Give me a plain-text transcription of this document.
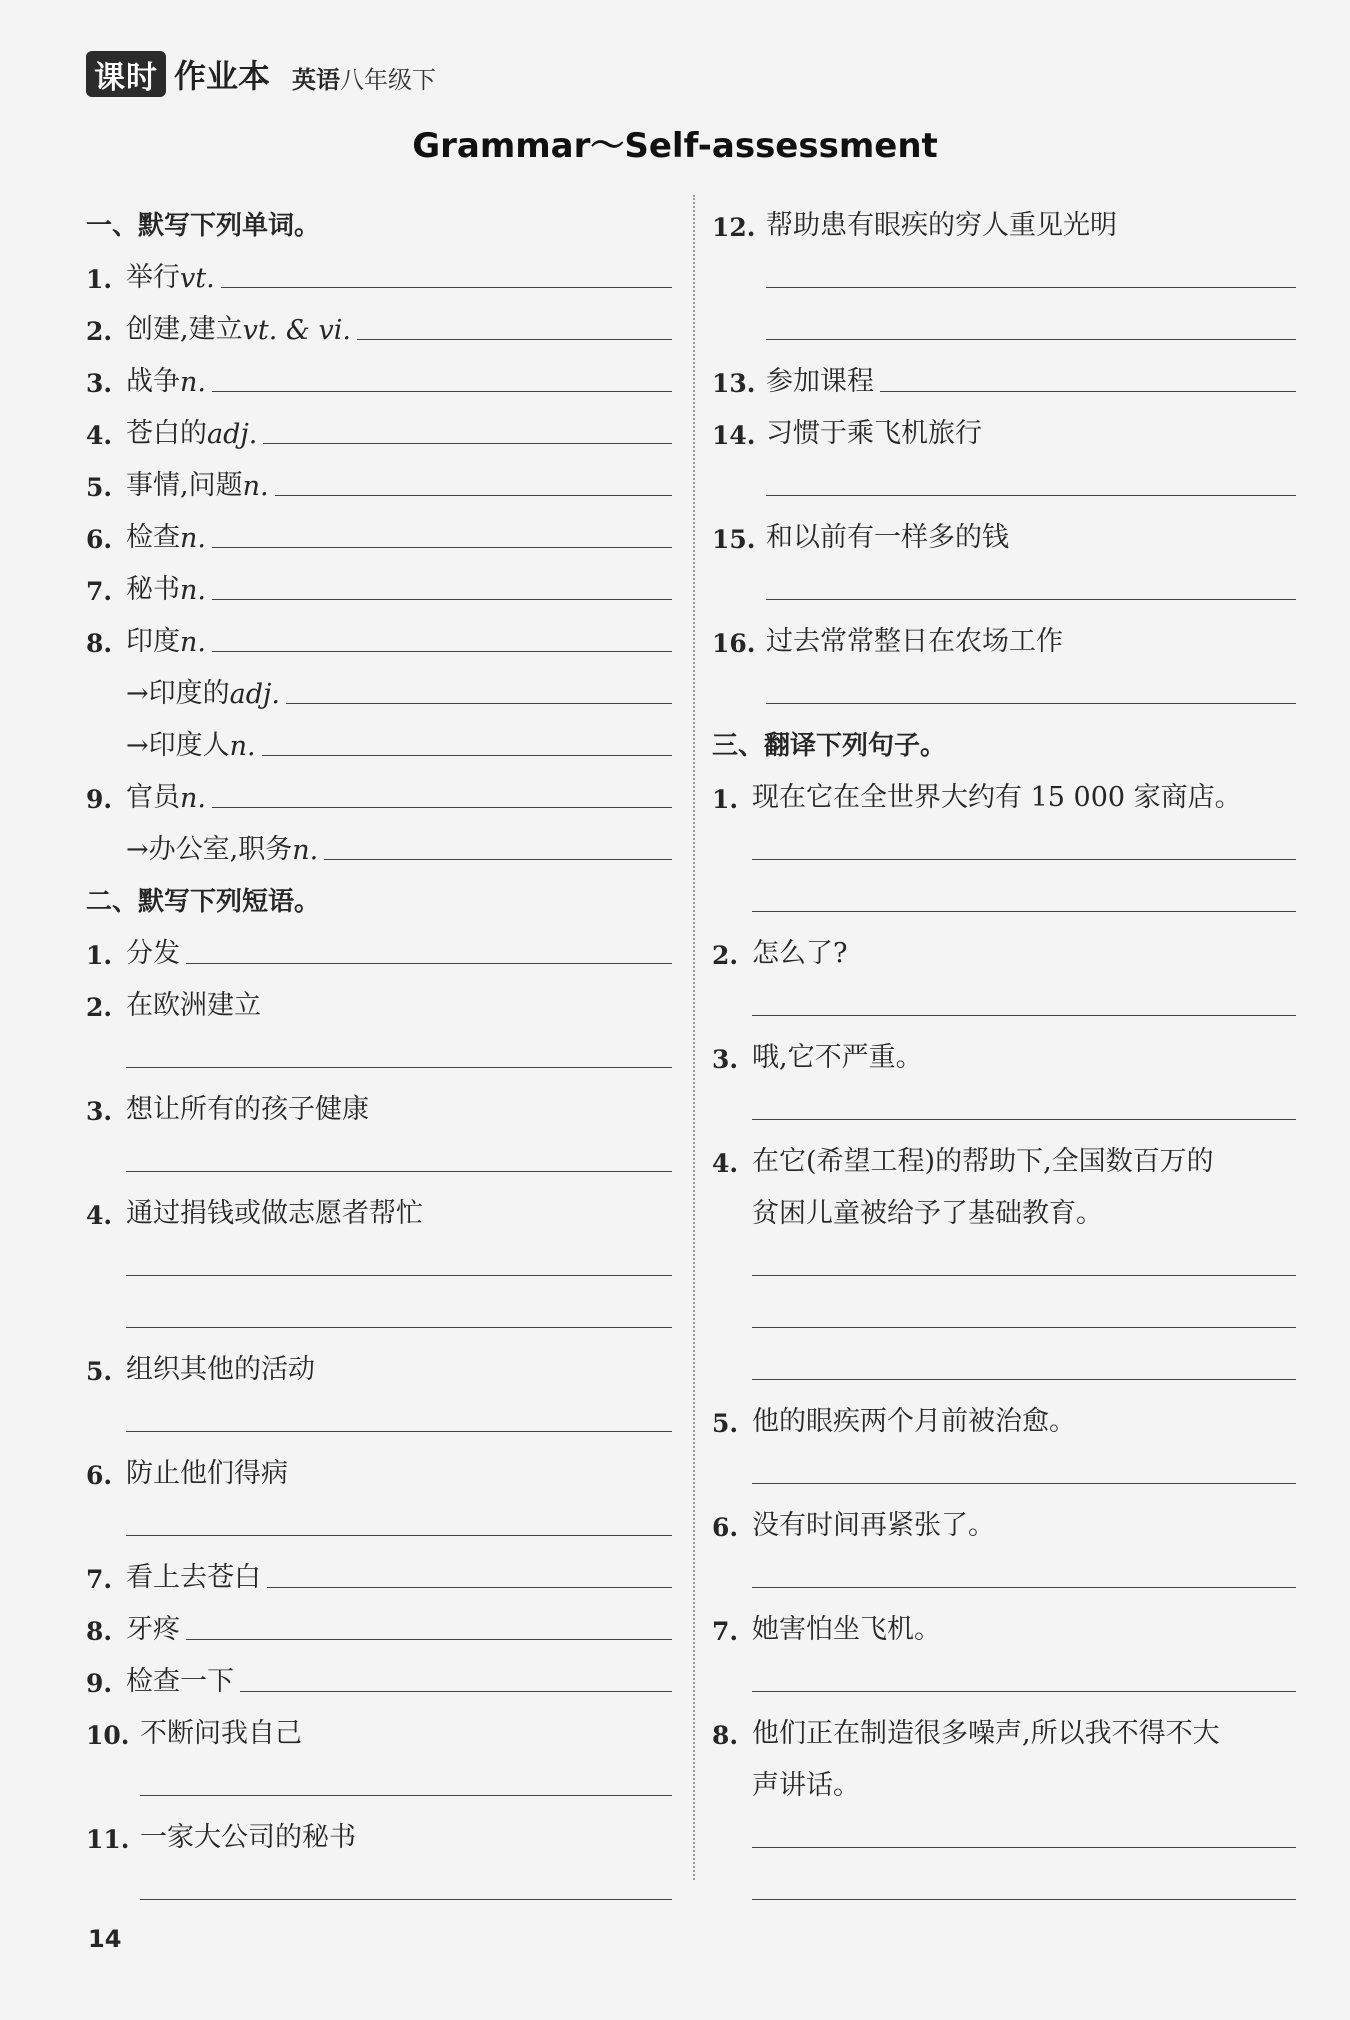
课时 作业本 英语 八年级下
Grammar～Self-assessment
一、默写下列单词。
1. 举行 vt.
2. 创建,建立 vt. & vi.
3. 战争 n.
4. 苍白的 adj.
5. 事情,问题 n.
6. 检查 n.
7. 秘书 n.
8. 印度 n.
→印度的 adj.
→印度人 n.
9. 官员 n.
→办公室,职务 n.
二、默写下列短语。
1. 分发
2. 在欧洲建立
3. 想让所有的孩子健康
4. 通过捐钱或做志愿者帮忙
5. 组织其他的活动
6. 防止他们得病
7. 看上去苍白
8. 牙疼
9. 检查一下
10. 不断问我自己
11. 一家大公司的秘书
12. 帮助患有眼疾的穷人重见光明
13. 参加课程
14. 习惯于乘飞机旅行
15. 和以前有一样多的钱
16. 过去常常整日在农场工作
三、翻译下列句子。
1. 现在它在全世界大约有 15 000 家商店。
2. 怎么了?
3. 哦,它不严重。
4. 在它(希望工程)的帮助下,全国数百万的
贫困儿童被给予了基础教育。
5. 他的眼疾两个月前被治愈。
6. 没有时间再紧张了。
7. 她害怕坐飞机。
8. 他们正在制造很多噪声,所以我不得不大
声讲话。
14
